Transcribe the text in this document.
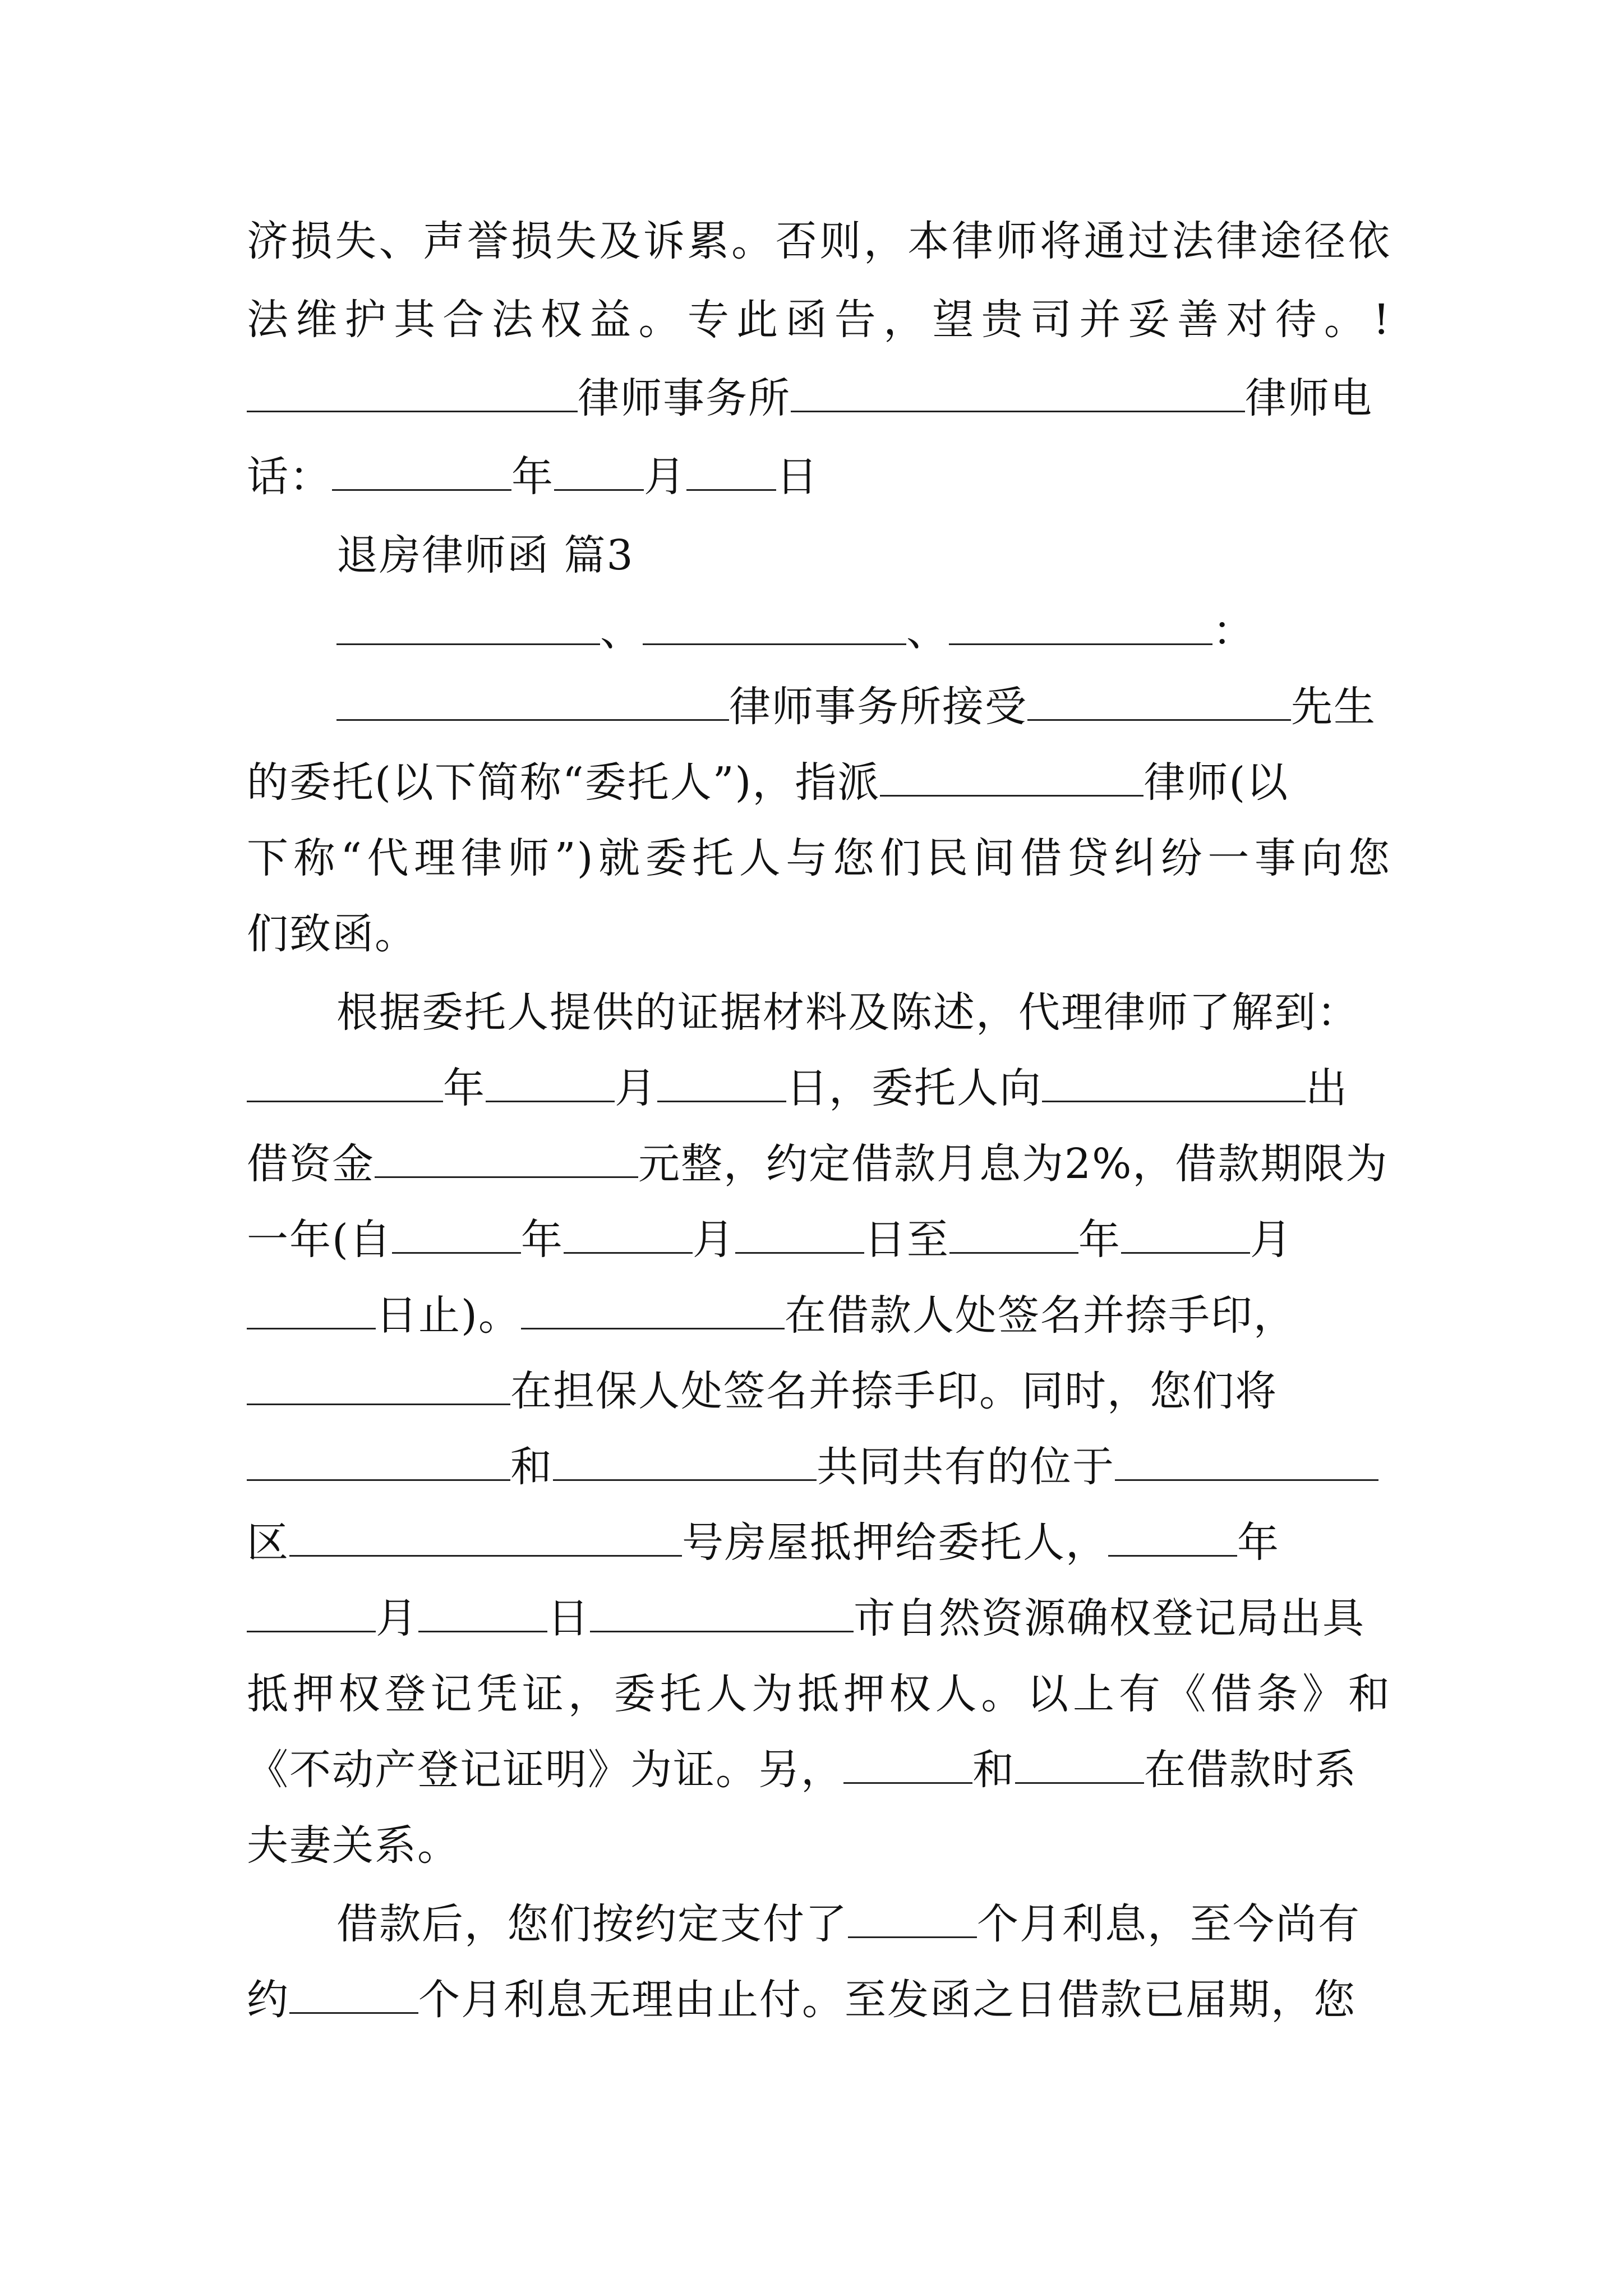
济损失、声誉损失及诉累。否则，本律师将通过法律途径依
法维护其合法权益。专此函告，望贵司并妥善对待。!
律师事务所	律师电
话：	年 月 日
退房律师函 篇3
、	、	：
律师事务所接受	先生
的委托(以下简称“委托人”)，指派	律师(以
下称“代理律师”)就委托人与您们民间借贷纠纷一事向您
们致函。
根据委托人提供的证据材料及陈述，代理律师了解到：
年	月	日，委托人向	出
借资金	元整，约定借款月息为2%，借款期限为
一年(自	年	月	日至	年	月
日止)。	在借款人处签名并捺手印，
在担保人处签名并捺手印。同时，您们将
和	共同共有的位于
区	号房屋抵押给委托人，	年
月	日	市自然资源确权登记局出具
抵押权登记凭证，委托人为抵押权人。以上有《借条》和
《不动产登记证明》为证。另，	和	在借款时系
夫妻关系。
借款后，您们按约定支付了	个月利息，至今尚有
约	个月利息无理由止付。至发函之日借款已届期，您
